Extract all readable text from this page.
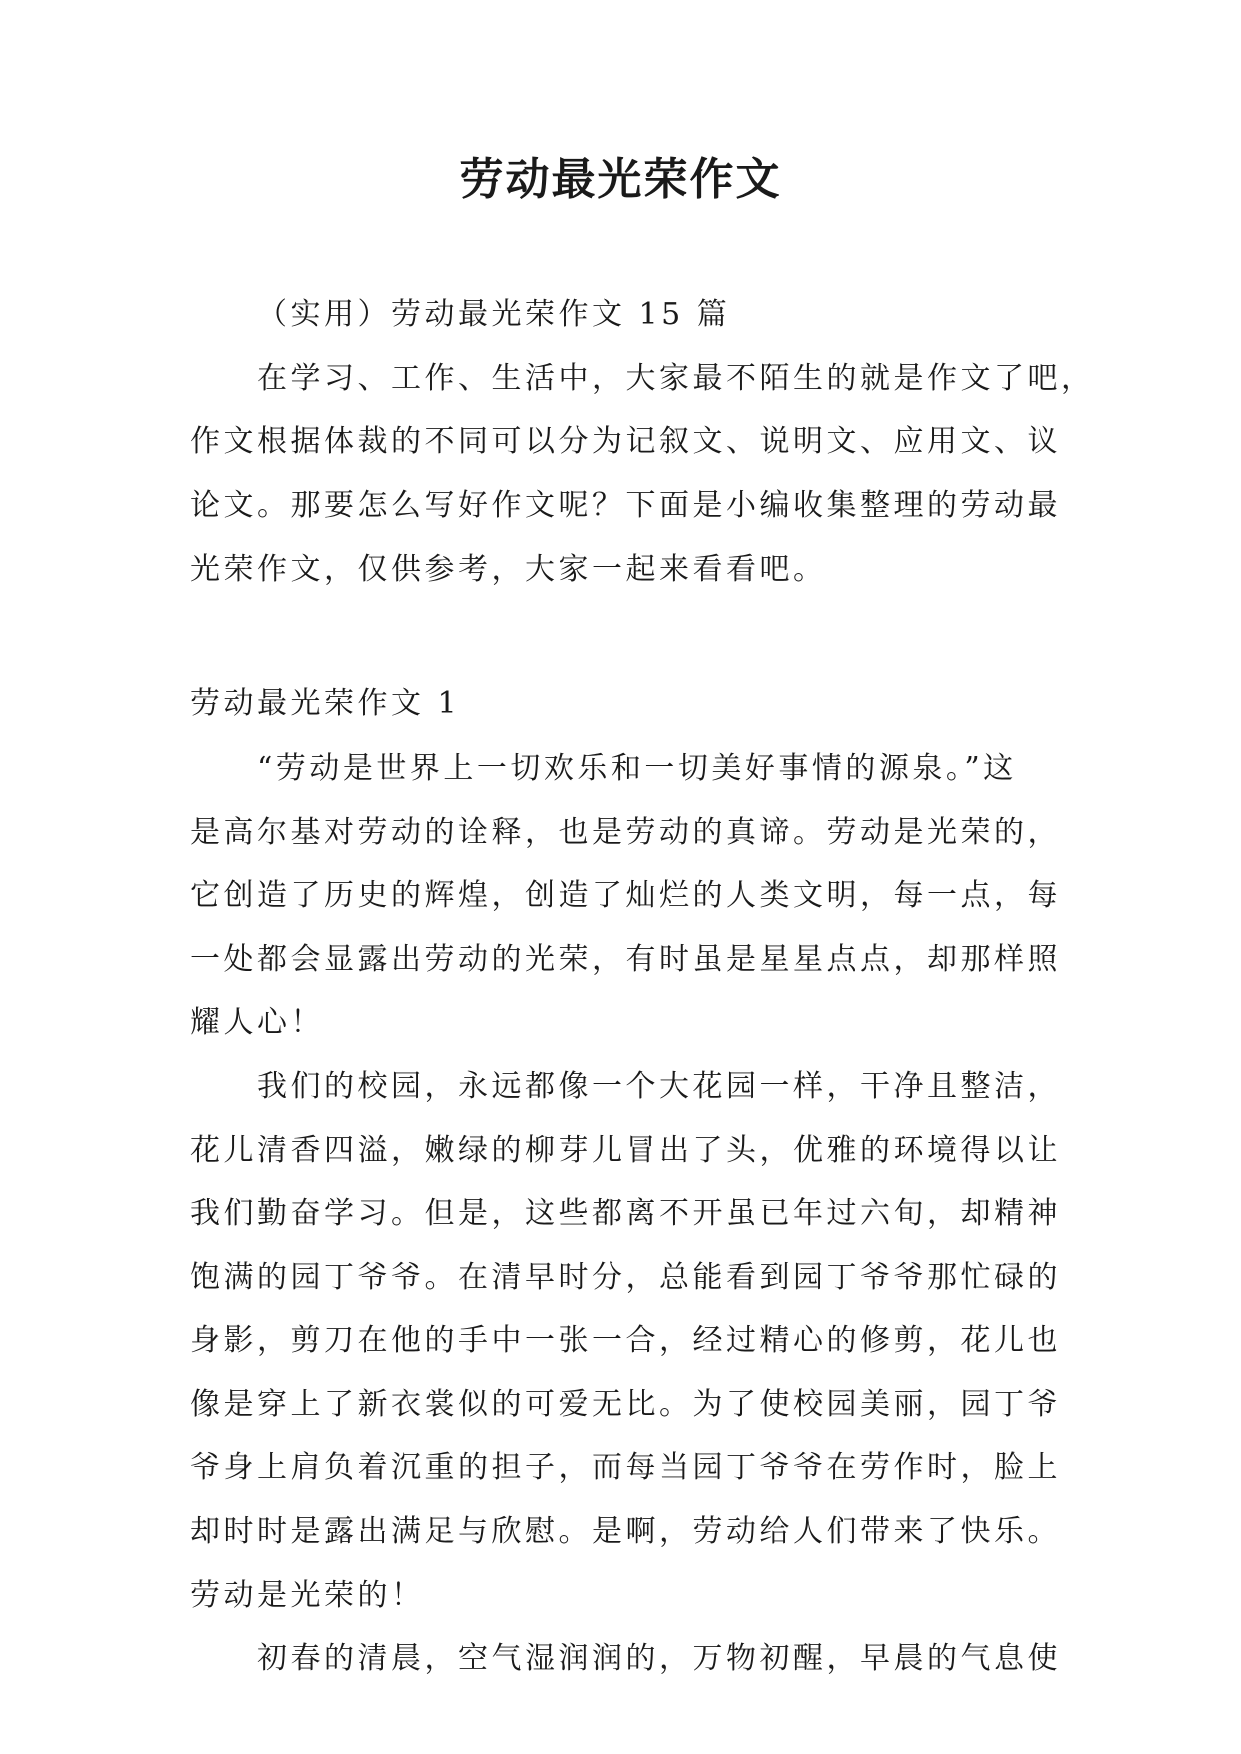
劳动最光荣作文

（实用）劳动最光荣作文 15 篇

在学习、工作、生活中，大家最不陌生的就是作文了吧，

作文根据体裁的不同可以分为记叙文、说明文、应用文、议

论文。那要怎么写好作文呢？下面是小编收集整理的劳动最

光荣作文，仅供参考，大家一起来看看吧。

劳动最光荣作文 1

“劳动是世界上一切欢乐和一切美好事情的源泉。”这

是高尔基对劳动的诠释，也是劳动的真谛。劳动是光荣的，

它创造了历史的辉煌，创造了灿烂的人类文明，每一点，每

一处都会显露出劳动的光荣，有时虽是星星点点，却那样照

耀人心！

我们的校园，永远都像一个大花园一样，干净且整洁，

花儿清香四溢，嫩绿的柳芽儿冒出了头，优雅的环境得以让

我们勤奋学习。但是，这些都离不开虽已年过六旬，却精神

饱满的园丁爷爷。在清早时分，总能看到园丁爷爷那忙碌的

身影，剪刀在他的手中一张一合，经过精心的修剪，花儿也

像是穿上了新衣裳似的可爱无比。为了使校园美丽，园丁爷

爷身上肩负着沉重的担子，而每当园丁爷爷在劳作时，脸上

却时时是露出满足与欣慰。是啊，劳动给人们带来了快乐。

劳动是光荣的！

初春的清晨，空气湿润润的，万物初醒，早晨的气息使
